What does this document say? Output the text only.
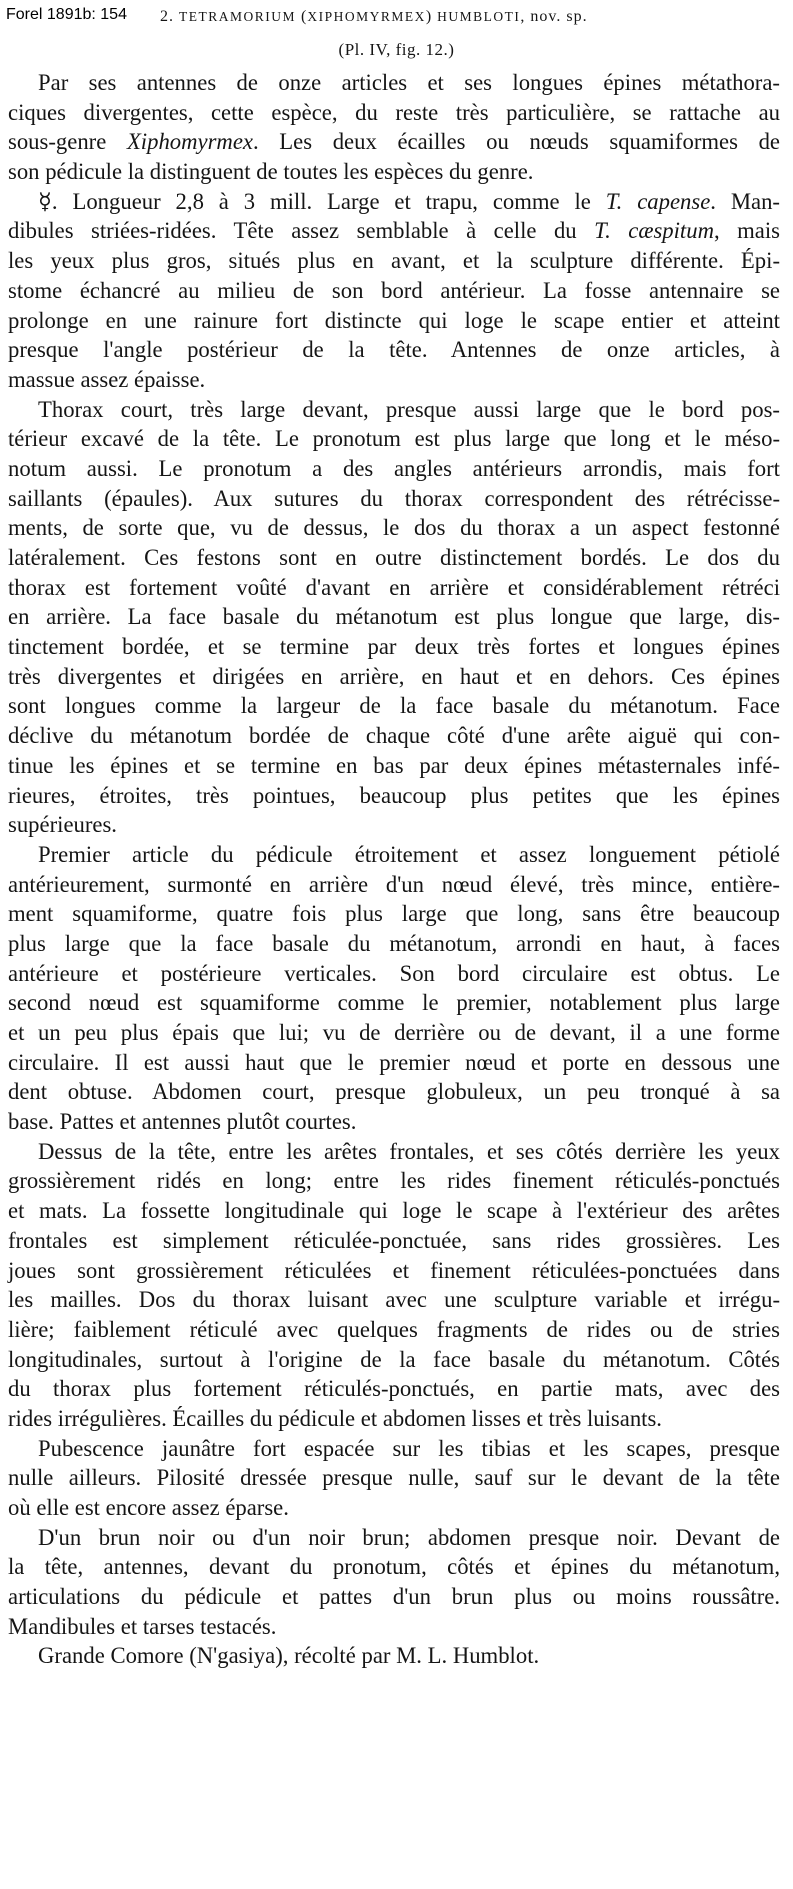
Forel 1891b: 154 2. TETRAMORIUM (XIPHOMYRMEX) HUMBLOTI, nov. sp.
(Pl. IV, fig. 12.)
Par ses antennes de onze articles et ses longues épines métathora-
ciques divergentes, cette espèce, du reste très particulière, se rattache au
sous-genre Xiphomyrmex. Les deux écailles ou nœuds squamiformes de
son pédicule la distinguent de toutes les espèces du genre.
☿. Longueur 2,8 à 3 mill. Large et trapu, comme le T. capense. Man-
dibules striées-ridées. Tête assez semblable à celle du T. cæspitum, mais
les yeux plus gros, situés plus en avant, et la sculpture différente. Épi-
stome échancré au milieu de son bord antérieur. La fosse antennaire se
prolonge en une rainure fort distincte qui loge le scape entier et atteint
presque l'angle postérieur de la tête. Antennes de onze articles, à
massue assez épaisse.
Thorax court, très large devant, presque aussi large que le bord pos-
térieur excavé de la tête. Le pronotum est plus large que long et le méso-
notum aussi. Le pronotum a des angles antérieurs arrondis, mais fort
saillants (épaules). Aux sutures du thorax correspondent des rétrécisse-
ments, de sorte que, vu de dessus, le dos du thorax a un aspect festonné
latéralement. Ces festons sont en outre distinctement bordés. Le dos du
thorax est fortement voûté d'avant en arrière et considérablement rétréci
en arrière. La face basale du métanotum est plus longue que large, dis-
tinctement bordée, et se termine par deux très fortes et longues épines
très divergentes et dirigées en arrière, en haut et en dehors. Ces épines
sont longues comme la largeur de la face basale du métanotum. Face
déclive du métanotum bordée de chaque côté d'une arête aiguë qui con-
tinue les épines et se termine en bas par deux épines métasternales infé-
rieures, étroites, très pointues, beaucoup plus petites que les épines
supérieures.
Premier article du pédicule étroitement et assez longuement pétiolé
antérieurement, surmonté en arrière d'un nœud élevé, très mince, entière-
ment squamiforme, quatre fois plus large que long, sans être beaucoup
plus large que la face basale du métanotum, arrondi en haut, à faces
antérieure et postérieure verticales. Son bord circulaire est obtus. Le
second nœud est squamiforme comme le premier, notablement plus large
et un peu plus épais que lui; vu de derrière ou de devant, il a une forme
circulaire. Il est aussi haut que le premier nœud et porte en dessous une
dent obtuse. Abdomen court, presque globuleux, un peu tronqué à sa
base. Pattes et antennes plutôt courtes.
Dessus de la tête, entre les arêtes frontales, et ses côtés derrière les yeux
grossièrement ridés en long; entre les rides finement réticulés-ponctués
et mats. La fossette longitudinale qui loge le scape à l'extérieur des arêtes
frontales est simplement réticulée-ponctuée, sans rides grossières. Les
joues sont grossièrement réticulées et finement réticulées-ponctuées dans
les mailles. Dos du thorax luisant avec une sculpture variable et irrégu-
lière; faiblement réticulé avec quelques fragments de rides ou de stries
longitudinales, surtout à l'origine de la face basale du métanotum. Côtés
du thorax plus fortement réticulés-ponctués, en partie mats, avec des
rides irrégulières. Écailles du pédicule et abdomen lisses et très luisants.
Pubescence jaunâtre fort espacée sur les tibias et les scapes, presque
nulle ailleurs. Pilosité dressée presque nulle, sauf sur le devant de la tête
où elle est encore assez éparse.
D'un brun noir ou d'un noir brun; abdomen presque noir. Devant de
la tête, antennes, devant du pronotum, côtés et épines du métanotum,
articulations du pédicule et pattes d'un brun plus ou moins roussâtre.
Mandibules et tarses testacés.
Grande Comore (N'gasiya), récolté par M. L. Humblot.
